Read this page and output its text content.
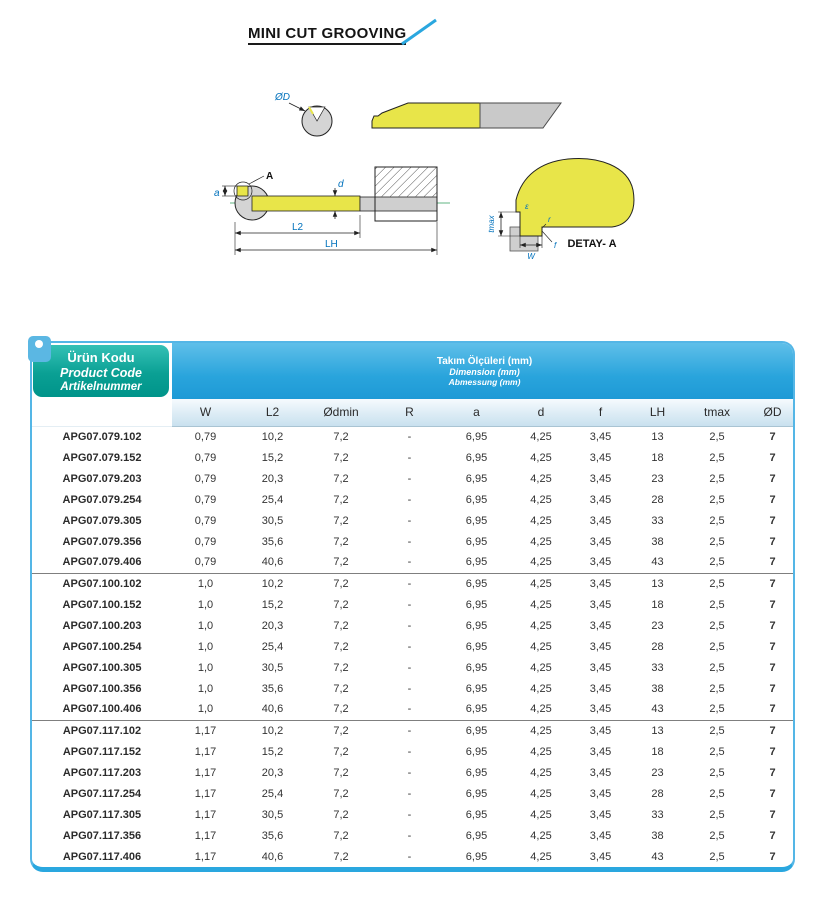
MINI CUT GROOVING
ØD
A
a
d
L2
LH
tmax
W
f
r
ε
DETAY- A
Ürün Kodu
Product Code
Artikelnummer

Takım Ölçüleri (mm)
Dimension (mm)
Abmessung (mm)

	W	L2	Ødmin	R	a	d	f	LH	tmax	ØD
APG07.079.102	0,79	10,2	7,2	-	6,95	4,25	3,45	13	2,5	7
APG07.079.152	0,79	15,2	7,2	-	6,95	4,25	3,45	18	2,5	7
APG07.079.203	0,79	20,3	7,2	-	6,95	4,25	3,45	23	2,5	7
APG07.079.254	0,79	25,4	7,2	-	6,95	4,25	3,45	28	2,5	7
APG07.079.305	0,79	30,5	7,2	-	6,95	4,25	3,45	33	2,5	7
APG07.079.356	0,79	35,6	7,2	-	6,95	4,25	3,45	38	2,5	7
APG07.079.406	0,79	40,6	7,2	-	6,95	4,25	3,45	43	2,5	7
APG07.100.102	1,0	10,2	7,2	-	6,95	4,25	3,45	13	2,5	7
APG07.100.152	1,0	15,2	7,2	-	6,95	4,25	3,45	18	2,5	7
APG07.100.203	1,0	20,3	7,2	-	6,95	4,25	3,45	23	2,5	7
APG07.100.254	1,0	25,4	7,2	-	6,95	4,25	3,45	28	2,5	7
APG07.100.305	1,0	30,5	7,2	-	6,95	4,25	3,45	33	2,5	7
APG07.100.356	1,0	35,6	7,2	-	6,95	4,25	3,45	38	2,5	7
APG07.100.406	1,0	40,6	7,2	-	6,95	4,25	3,45	43	2,5	7
APG07.117.102	1,17	10,2	7,2	-	6,95	4,25	3,45	13	2,5	7
APG07.117.152	1,17	15,2	7,2	-	6,95	4,25	3,45	18	2,5	7
APG07.117.203	1,17	20,3	7,2	-	6,95	4,25	3,45	23	2,5	7
APG07.117.254	1,17	25,4	7,2	-	6,95	4,25	3,45	28	2,5	7
APG07.117.305	1,17	30,5	7,2	-	6,95	4,25	3,45	33	2,5	7
APG07.117.356	1,17	35,6	7,2	-	6,95	4,25	3,45	38	2,5	7
APG07.117.406	1,17	40,6	7,2	-	6,95	4,25	3,45	43	2,5	7
